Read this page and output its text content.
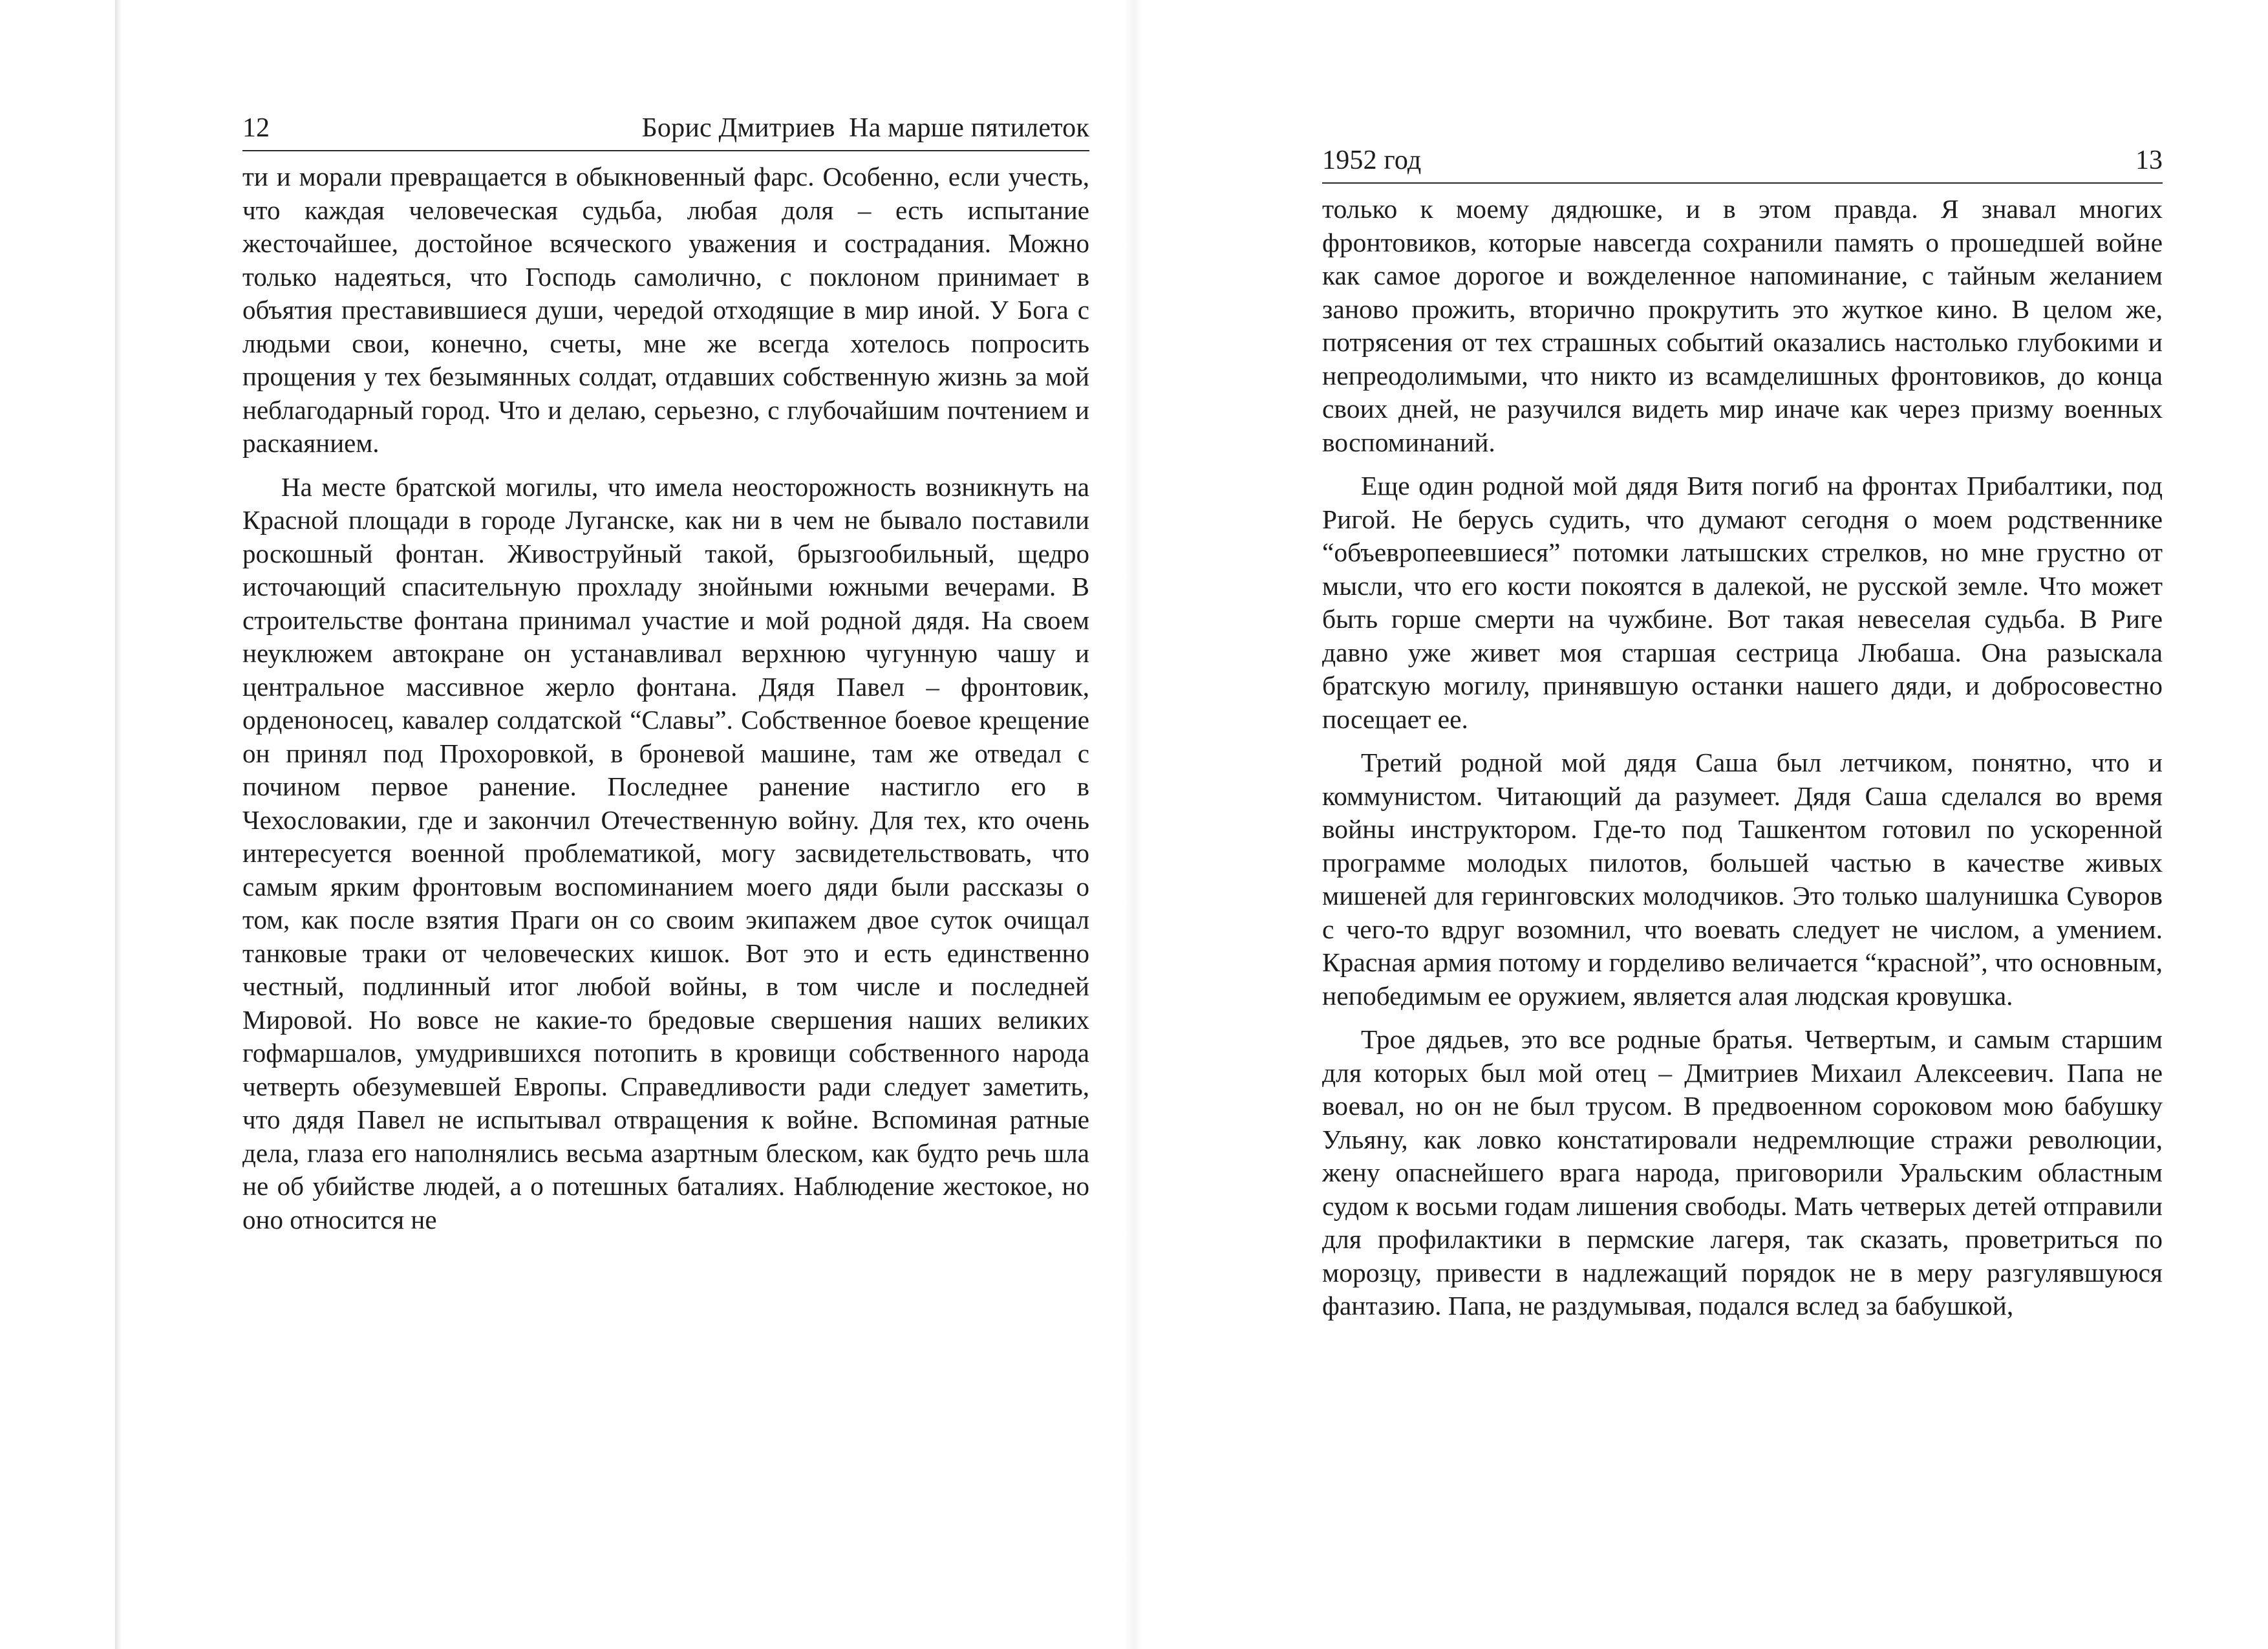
12	Борис Дмитриев  На марше пятилеток

ти и морали превращается в обыкновенный фарс. Особенно, если учесть, что каждая человеческая судьба, любая доля – есть испытание жесточайшее, достойное всяческого уважения и сострадания. Можно только надеяться, что Господь самолично, с поклоном принимает в объятия преставившиеся души, чередой отходящие в мир иной. У Бога с людьми свои, конечно, счеты, мне же всегда хотелось попросить прощения у тех безымянных солдат, отдавших собственную жизнь за мой неблагодарный город. Что и делаю, серьезно, с глубочайшим почтением и раскаянием.

На месте братской могилы, что имела неосторожность возникнуть на Красной площади в городе Луганске, как ни в чем не бывало поставили роскошный фонтан. Живоструйный такой, брызгообильный, щедро источающий спасительную прохладу знойными южными вечерами. В строительстве фонтана принимал участие и мой родной дядя. На своем неуклюжем автокране он устанавливал верхнюю чугунную чашу и центральное массивное жерло фонтана. Дядя Павел – фронтовик, орденоносец, кавалер солдатской “Славы”. Собственное боевое крещение он принял под Прохоровкой, в броневой машине, там же отведал с почином первое ранение. Последнее ранение настигло его в Чехословакии, где и закончил Отечественную войну. Для тех, кто очень интересуется военной проблематикой, могу засвидетельствовать, что самым ярким фронтовым воспоминанием моего дяди были рассказы о том, как после взятия Праги он со своим экипажем двое суток очищал танковые траки от человеческих кишок. Вот это и есть единственно честный, подлинный итог любой войны, в том числе и последней Мировой. Но вовсе не какие-то бредовые свершения наших великих гофмаршалов, умудрившихся потопить в кровищи собственного народа четверть обезумевшей Европы. Справедливости ради следует заметить, что дядя Павел не испытывал отвращения к войне. Вспоминая ратные дела, глаза его наполнялись весьма азартным блеском, как будто речь шла не об убийстве людей, а о потешных баталиях. Наблюдение жестокое, но оно относится не

1952 год	13

только к моему дядюшке, и в этом правда. Я знавал многих фронтовиков, которые навсегда сохранили память о прошедшей войне как самое дорогое и вожделенное напоминание, с тайным желанием заново прожить, вторично прокрутить это жуткое кино. В целом же, потрясения от тех страшных событий оказались настолько глубокими и непреодолимыми, что никто из всамделишных фронтовиков, до конца своих дней, не разучился видеть мир иначе как через призму военных воспоминаний.

Еще один родной мой дядя Витя погиб на фронтах Прибалтики, под Ригой. Не берусь судить, что думают сегодня о моем родственнике “объевропеевшиеся” потомки латышских стрелков, но мне грустно от мысли, что его кости покоятся в далекой, не русской земле. Что может быть горше смерти на чужбине. Вот такая невеселая судьба. В Риге давно уже живет моя старшая сестрица Любаша. Она разыскала братскую могилу, принявшую останки нашего дяди, и добросовестно посещает ее.

Третий родной мой дядя Саша был летчиком, понятно, что и коммунистом. Читающий да разумеет. Дядя Саша сделался во время войны инструктором. Где-то под Ташкентом готовил по ускоренной программе молодых пилотов, большей частью в качестве живых мишеней для геринговских молодчиков. Это только шалунишка Суворов с чего-то вдруг возомнил, что воевать следует не числом, а умением. Красная армия потому и горделиво величается “красной”, что основным, непобедимым ее оружием, является алая людская кровушка.

Трое дядьев, это все родные братья. Четвертым, и самым старшим для которых был мой отец – Дмитриев Михаил Алексеевич. Папа не воевал, но он не был трусом. В предвоенном сороковом мою бабушку Ульяну, как ловко констатировали недремлющие стражи революции, жену опаснейшего врага народа, приговорили Уральским областным судом к восьми годам лишения свободы. Мать четверых детей отправили для профилактики в пермские лагеря, так сказать, проветриться по морозцу, привести в надлежащий порядок не в меру разгулявшуюся фантазию. Папа, не раздумывая, подался вслед за бабушкой,
